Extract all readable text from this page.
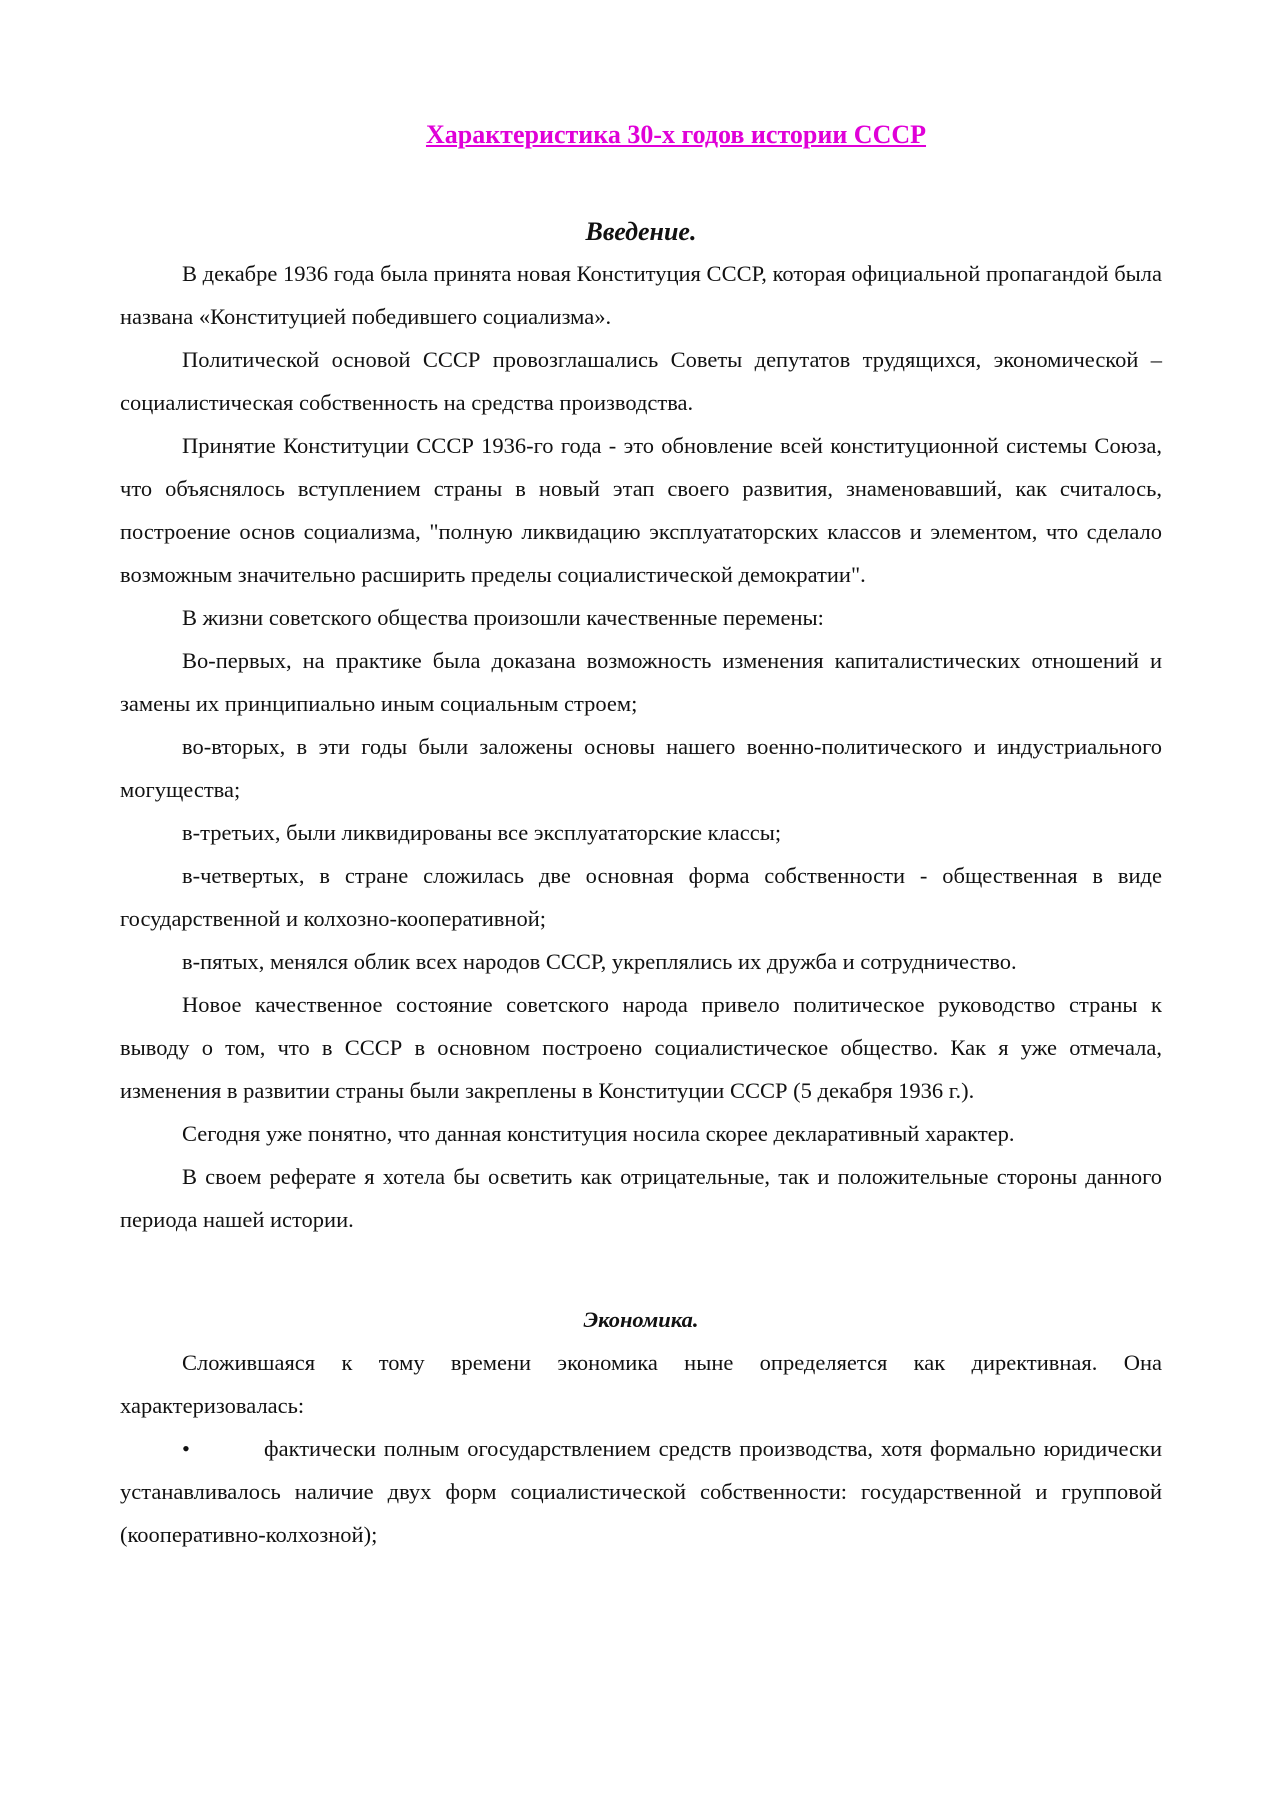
Характеристика 30-х годов истории СССР
Введение.

В декабре 1936 года была принята новая Конституция СССР, которая официальной пропагандой была названа «Конституцией победившего социализма».

Политической основой СССР провозглашались Советы депутатов трудящихся, экономической – социалистическая собственность на средства производства.

Принятие Конституции СССР 1936-го года - это обновление всей конституционной системы Союза, что объяснялось вступлением страны в новый этап своего развития, знаменовавший, как считалось, построение основ социализма, "полную ликвидацию эксплуататорских классов и элементом, что сделало возможным значительно расширить пределы социалистической демократии".

В жизни советского общества произошли качественные перемены:

Во-первых, на практике была доказана возможность изменения капиталистических отношений и замены их принципиально иным социальным строем;

во-вторых, в эти годы были заложены основы нашего военно-политического и индустриального могущества;

в-третьих, были ликвидированы все эксплуататорские классы;

в-четвертых, в стране сложилась две основная форма собственности - общественная в виде государственной и колхозно-кооперативной;

в-пятых, менялся облик всех народов СССР, укреплялись их дружба и сотрудничество.

Новое качественное состояние советского народа привело политическое руководство страны к выводу о том, что в СССР в основном построено социалистическое общество. Как я уже отмечала, изменения в развитии страны были закреплены в Конституции СССР (5 декабря 1936 г.).

Сегодня уже понятно, что данная конституция носила скорее декларативный характер.

В своем реферате я хотела бы осветить как отрицательные, так и положительные стороны данного периода нашей истории.

Экономика.

Сложившаяся к тому времени экономика ныне определяется как директивная. Она характеризовалась:

•	фактически полным огосударствлением средств производства, хотя формально юридически устанавливалось наличие двух форм социалистической собственности: государственной и групповой (кооперативно-колхозной);
